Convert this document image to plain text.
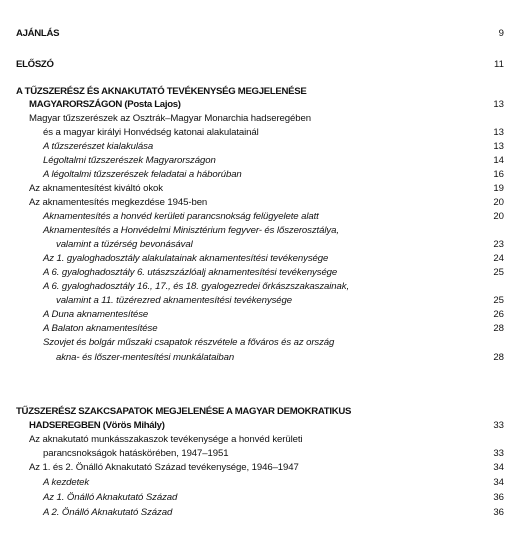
AJÁNLÁS	9
ELŐSZÓ	11
A TŰZSZERÉSZ ÉS AKNAKUTATÓ TEVÉKENYSÉG MEGJELENÉSE
MAGYARORSZÁGON (Posta Lajos)	13
Magyar tűzszerészek az Osztrák–Magyar Monarchia hadseregében
és a magyar királyi Honvédség katonai alakulatainál	13
A tűzszerészet kialakulása	13
Légoltalmi tűzszerészek Magyarországon	14
A légoltalmi tűzszerészek feladatai a háborúban	16
Az aknamentesítést kiváltó okok	19
Az aknamentesítés megkezdése 1945-ben	20
Aknamentesítés a honvéd kerületi parancsnokság felügyelete alatt	20
Aknamentesítés a Honvédelmi Minisztérium fegyver- és lőszerosztálya,
valamint a tüzérség bevonásával	23
Az 1. gyaloghadosztály alakulatainak aknamentesítési tevékenysége	24
A 6. gyaloghadosztály 6. utászszázlóalj aknamentesítési tevékenysége	25
A 6. gyaloghadosztály 16., 17., és 18. gyalogezredei őrkászszakaszainak,
valamint a 11. tüzérezred aknamentesítési tevékenysége	25
A Duna aknamentesítése	26
A Balaton aknamentesítése	28
Szovjet és bolgár műszaki csapatok részvétele a főváros és az ország
akna- és lőszer-mentesítési munkálataiban	28
TŰZSZERÉSZ SZAKCSAPATOK MEGJELENÉSE A MAGYAR DEMOKRATIKUS
HADSEREGBEN (Vörös Mihály)	33
Az aknakutató munkásszakaszok tevékenysége a honvéd kerületi
parancsnokságok hatáskörében, 1947–1951	33
Az 1. és 2. Önálló Aknakutató Század tevékenysége, 1946–1947	34
A kezdetek	34
Az 1. Önálló Aknakutató Század	36
A 2. Önálló Aknakutató Század	36
